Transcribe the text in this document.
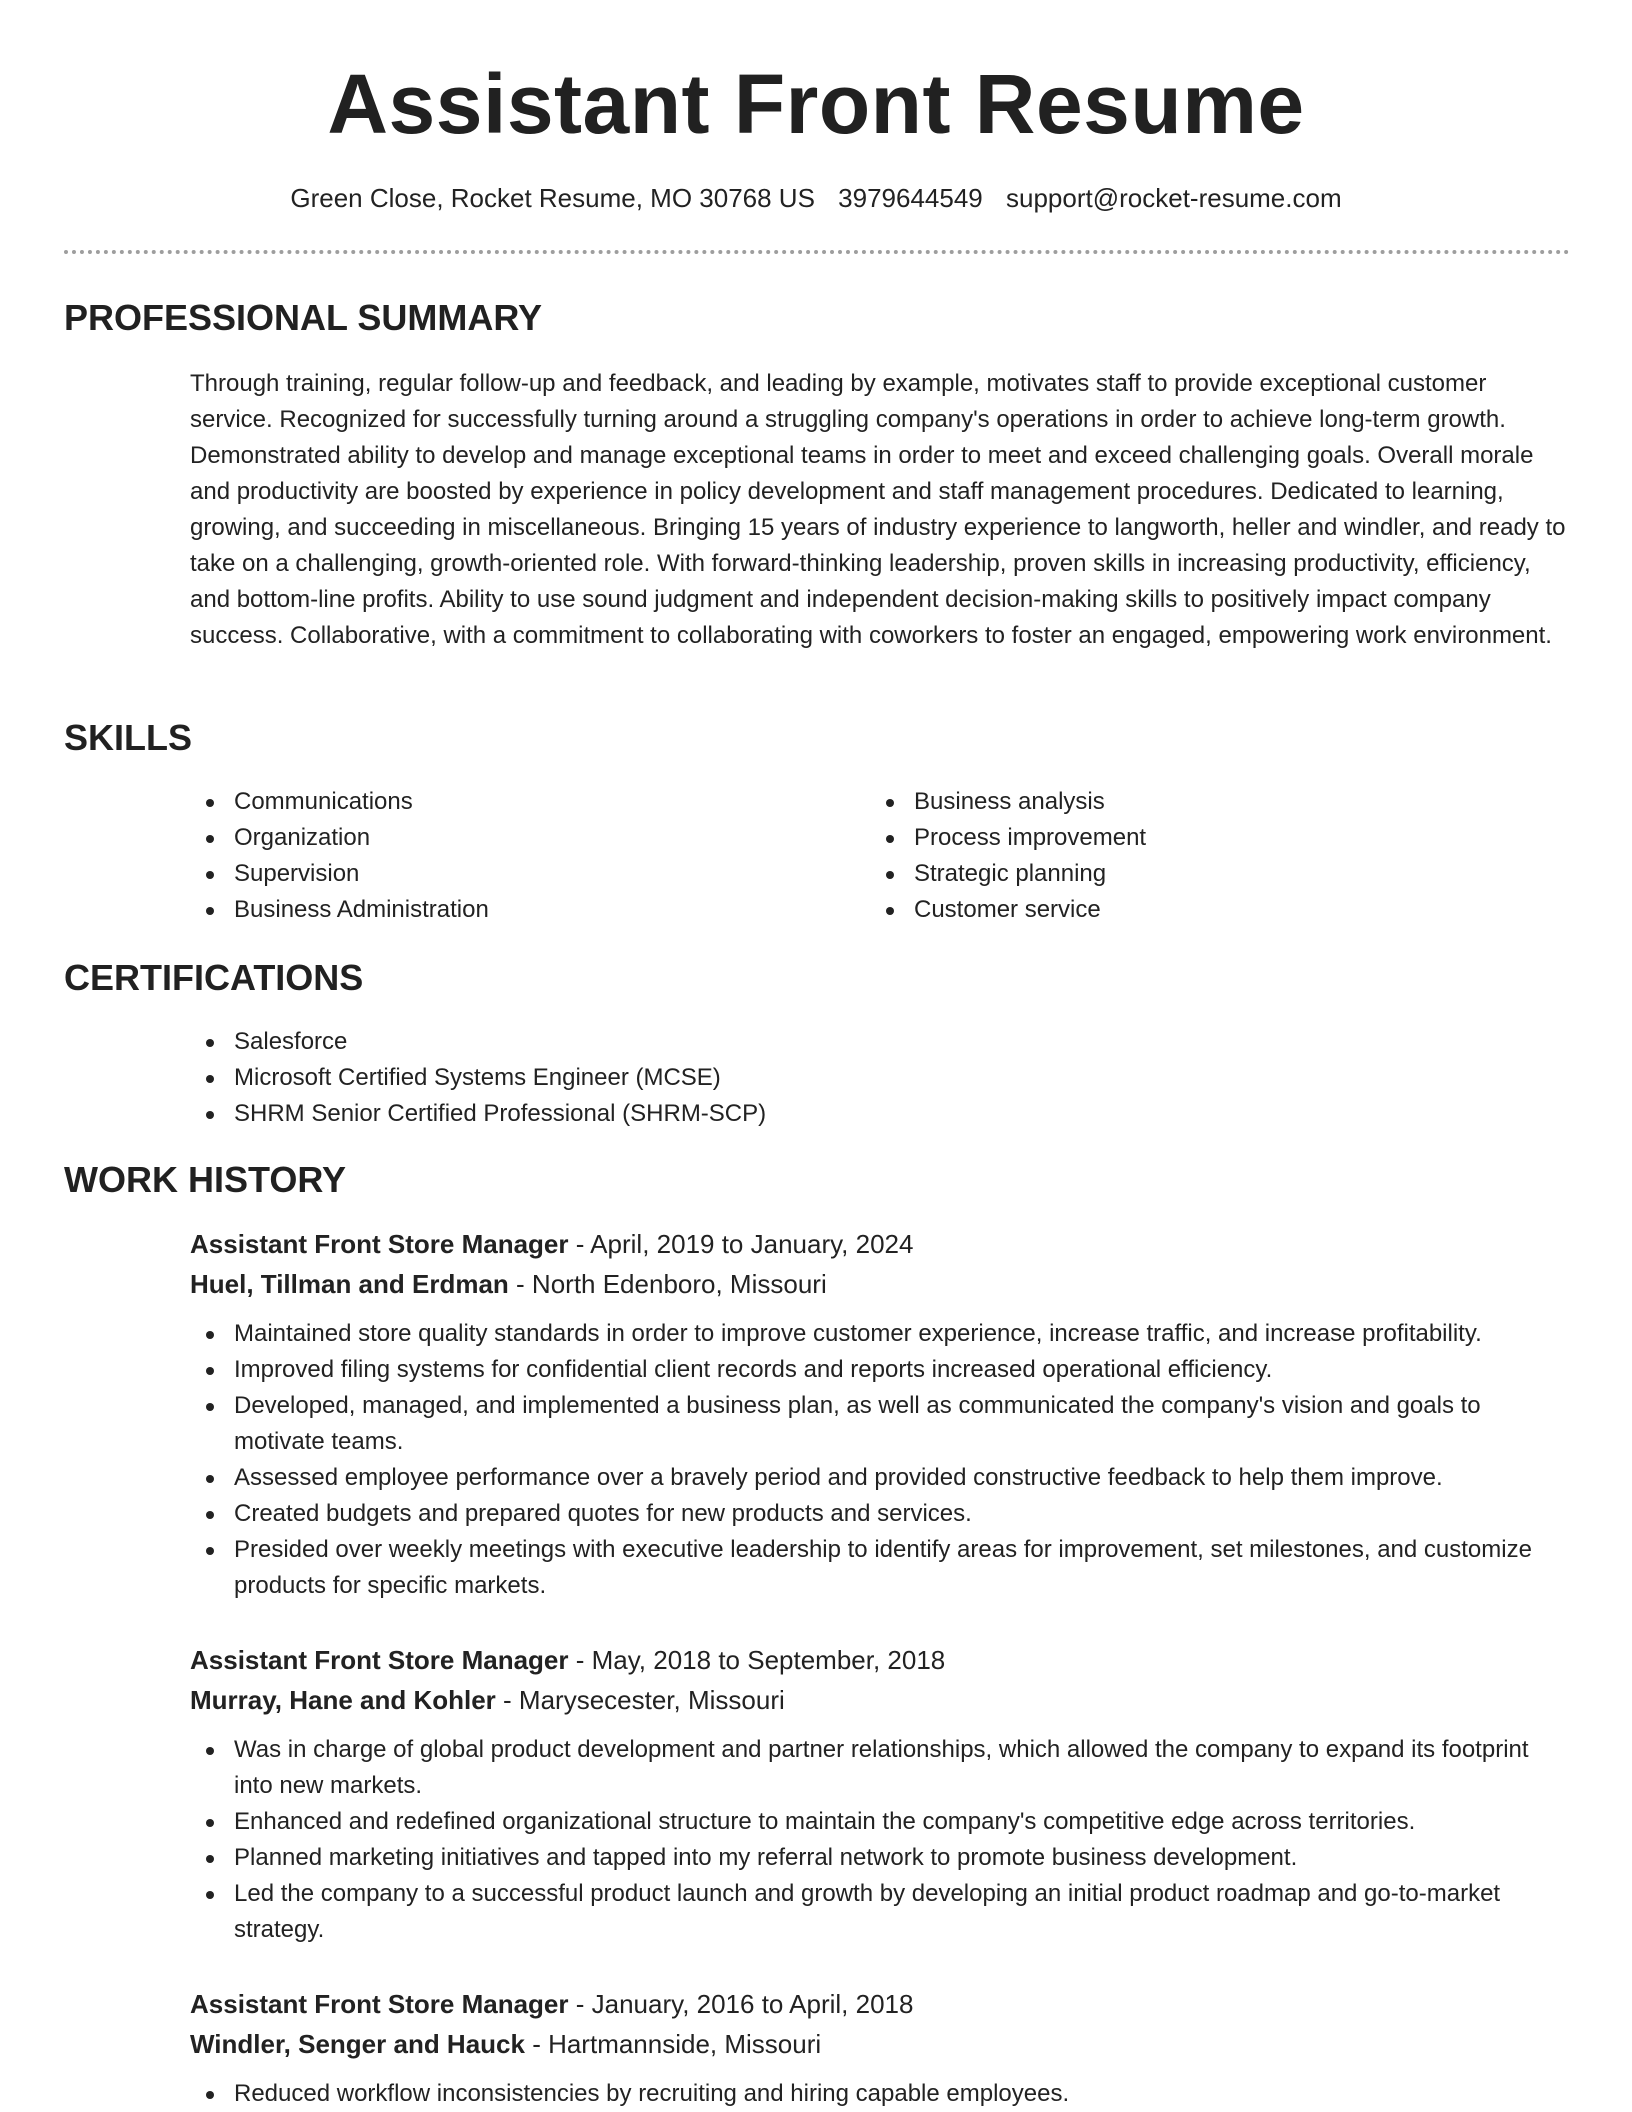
Assistant Front Resume
Green Close, Rocket Resume, MO 30768 US 3979644549 support@rocket-resume.com
PROFESSIONAL SUMMARY

Through training, regular follow-up and feedback, and leading by example, motivates staff to provide exceptional customer service. Recognized for successfully turning around a struggling company's operations in order to achieve long-term growth. Demonstrated ability to develop and manage exceptional teams in order to meet and exceed challenging goals. Overall morale and productivity are boosted by experience in policy development and staff management procedures. Dedicated to learning, growing, and succeeding in miscellaneous. Bringing 15 years of industry experience to langworth, heller and windler, and ready to take on a challenging, growth-oriented role. With forward-thinking leadership, proven skills in increasing productivity, efficiency, and bottom-line profits. Ability to use sound judgment and independent decision-making skills to positively impact company success. Collaborative, with a commitment to collaborating with coworkers to foster an engaged, empowering work environment.

SKILLS
Communications
Organization
Supervision
Business Administration
Business analysis
Process improvement
Strategic planning
Customer service
CERTIFICATIONS
Salesforce
Microsoft Certified Systems Engineer (MCSE)
SHRM Senior Certified Professional (SHRM-SCP)
WORK HISTORY
Assistant Front Store Manager - April, 2019 to January, 2024
Huel, Tillman and Erdman - North Edenboro, Missouri
Maintained store quality standards in order to improve customer experience, increase traffic, and increase profitability.
Improved filing systems for confidential client records and reports increased operational efficiency.
Developed, managed, and implemented a business plan, as well as communicated the company's vision and goals to motivate teams.
Assessed employee performance over a bravely period and provided constructive feedback to help them improve.
Created budgets and prepared quotes for new products and services.
Presided over weekly meetings with executive leadership to identify areas for improvement, set milestones, and customize products for specific markets.
Assistant Front Store Manager - May, 2018 to September, 2018
Murray, Hane and Kohler - Marysecester, Missouri
Was in charge of global product development and partner relationships, which allowed the company to expand its footprint into new markets.
Enhanced and redefined organizational structure to maintain the company's competitive edge across territories.
Planned marketing initiatives and tapped into my referral network to promote business development.
Led the company to a successful product launch and growth by developing an initial product roadmap and go-to-market strategy.
Assistant Front Store Manager - January, 2016 to April, 2018
Windler, Senger and Hauck - Hartmannside, Missouri
Reduced workflow inconsistencies by recruiting and hiring capable employees.
